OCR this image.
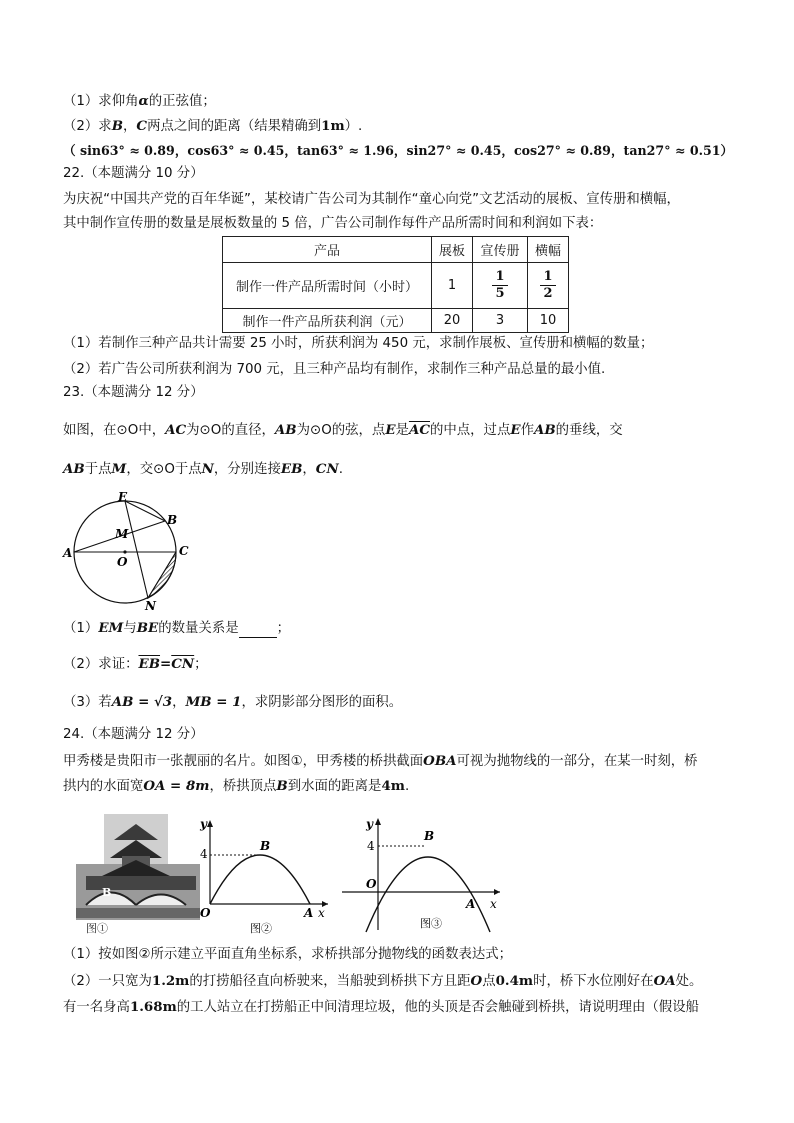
（1）求仰角α的正弦值；
（2）求B，C两点之间的距离（结果精确到1m）.
（ sin63° ≈ 0.89，cos63° ≈ 0.45，tan63° ≈ 1.96，sin27° ≈ 0.45，cos27° ≈ 0.89，tan27° ≈ 0.51）
22.（本题满分 10 分）
为庆祝“中国共产党的百年华诞”，某校请广告公司为其制作“童心向党”文艺活动的展板、宣传册和横幅，
其中制作宣传册的数量是展板数量的 5 倍，广告公司制作每件产品所需时间和利润如下表：
产品	展板	宣传册	横幅
制作一件产品所需时间（小时）	1	$\frac{1}{5}$	$\frac{1}{2}$

制作一件产品所获利润（元）	20	3	10
（1）若制作三种产品共计需要 25 小时，所获利润为 450 元，求制作展板、宣传册和横幅的数量；
（2）若广告公司所获利润为 700 元，且三种产品均有制作，求制作三种产品总量的最小值.
23.（本题满分 12 分）
如图，在⊙O中，AC为⊙O的直径，AB为⊙O的弦，点E是$\overline{AC}$的中点，过点E作AB的垂线，交
AB于点M，交⊙O于点N，分别连接EB，CN.
E
B
M
A
O
C
N
（1）EM与BE的数量关系是	；
（2）求证：$\overline{EB}=\overline{CN}$；
（3）若AB = √3，MB = 1，求阴影部分图形的面积。
24.（本题满分 12 分）
甲秀楼是贵阳市一张靓丽的名片。如图①，甲秀楼的桥拱截面OBA可视为抛物线的一部分，在某一时刻，桥
拱内的水面宽OA = 8m，桥拱顶点B到水面的距离是4m.
B
图①
y
4
B
O	A x
图②
y
4
B
O
A x
图③
（1）按如图②所示建立平面直角坐标系，求桥拱部分抛物线的函数表达式；
（2）一只宽为1.2m的打捞船径直向桥驶来，当船驶到桥拱下方且距O点0.4m时，桥下水位刚好在OA处。
有一名身高1.68m的工人站立在打捞船正中间清理垃圾，他的头顶是否会触碰到桥拱，请说明理由（假设船
